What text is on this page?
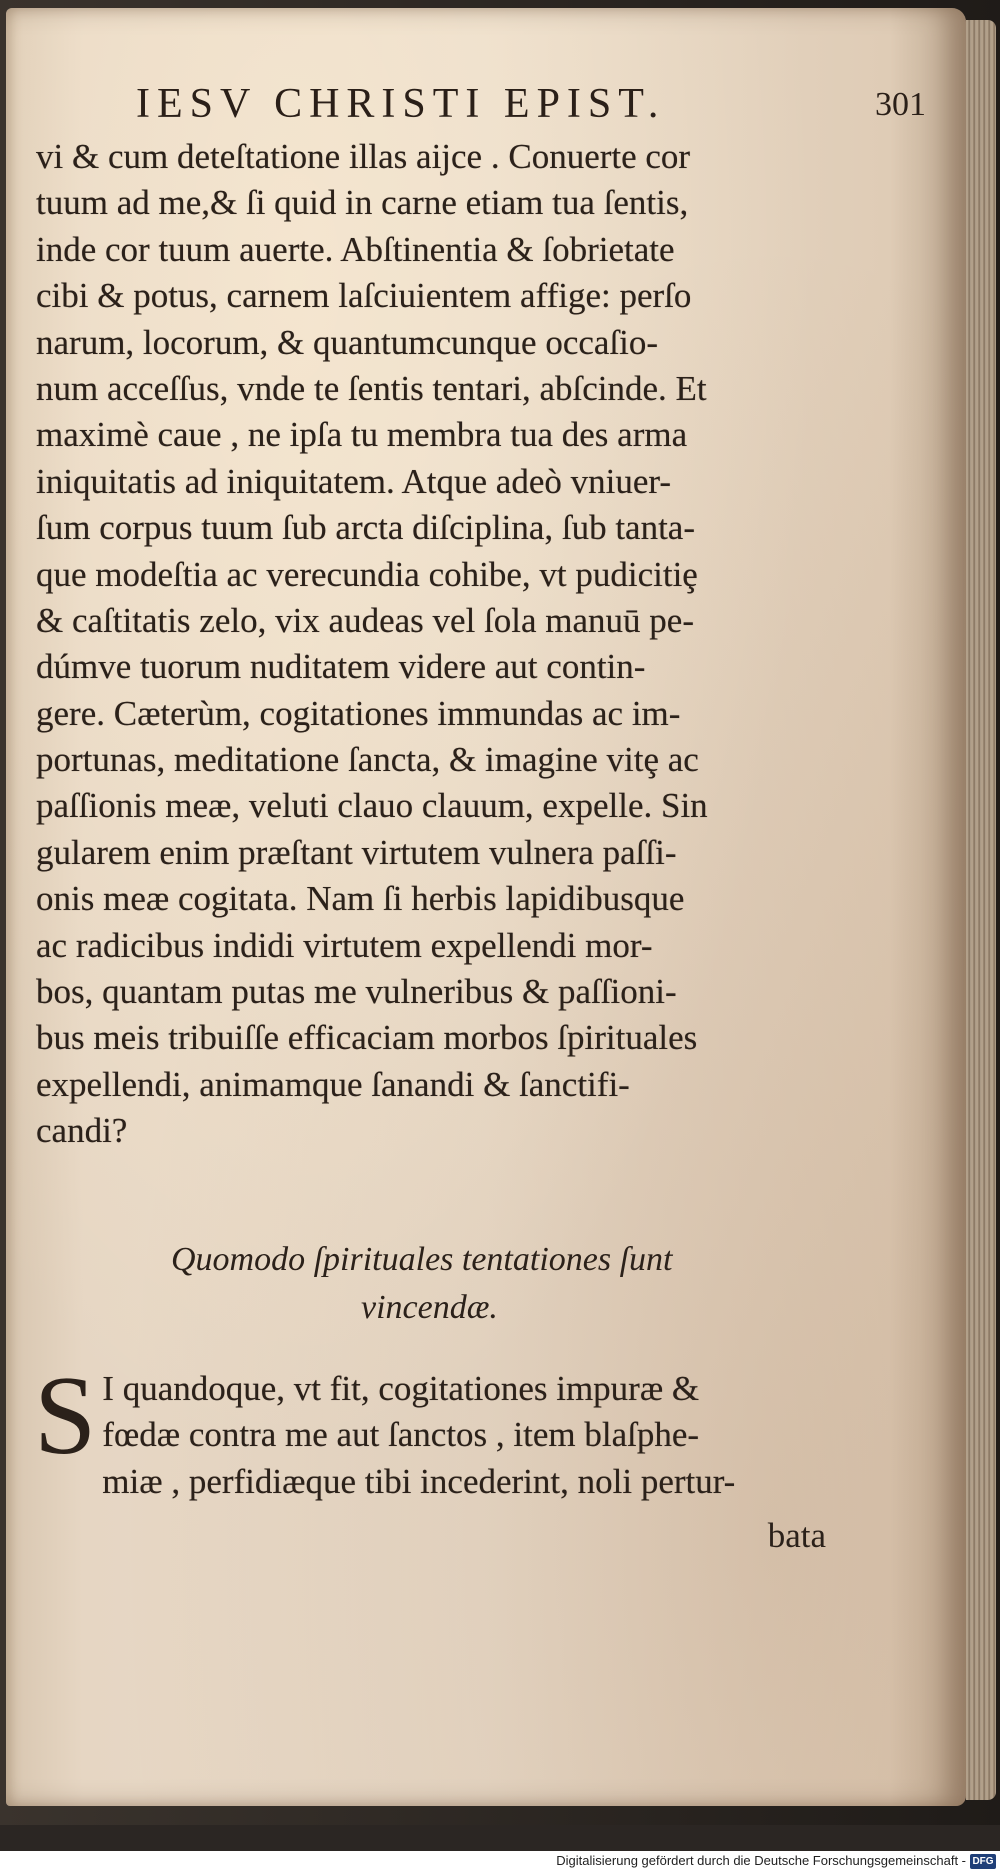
IESV CHRISTI EPIST.	301
vi & cum deteſtatione illas aijce . Conuerte cor
tuum ad me,& ſi quid in carne etiam tua ſentis,
inde cor tuum auerte. Abſtinentia & ſobrietate
cibi & potus, carnem laſciuientem affige: perſo
narum, locorum, & quantumcunque occaſio-
num acceſſus, vnde te ſentis tentari, abſcinde. Et
maximè caue , ne ipſa tu membra tua des arma
iniquitatis ad iniquitatem. Atque adeò vniuer-
ſum corpus tuum ſub arcta diſciplina, ſub tanta-
que modeſtia ac verecundia cohibe, vt pudicitiȩ
& caſtitatis zelo, vix audeas vel ſola manuū pe-
dúmve tuorum nuditatem videre aut contin-
gere. Cæterùm, cogitationes immundas ac im-
portunas, meditatione ſancta, & imagine vitȩ ac
paſſionis meæ, veluti clauo clauum, expelle. Sin
gularem enim præſtant virtutem vulnera paſſi-
onis meæ cogitata. Nam ſi herbis lapidibusque
ac radicibus indidi virtutem expellendi mor-
bos, quantam putas me vulneribus & paſſioni-
bus meis tribuiſſe efficaciam morbos ſpirituales
expellendi, animamque ſanandi & ſanctifi-
candi?
Quomodo ſpirituales tentationes ſunt
vincendæ.
S I quandoque, vt fit, cogitationes impuræ &
fœdæ contra me aut ſanctos , item blaſphe-
miæ , perfidiæque tibi incederint, noli pertur-
bata
Digitalisierung gefördert durch die Deutsche Forschungsgemeinschaft - DFG
